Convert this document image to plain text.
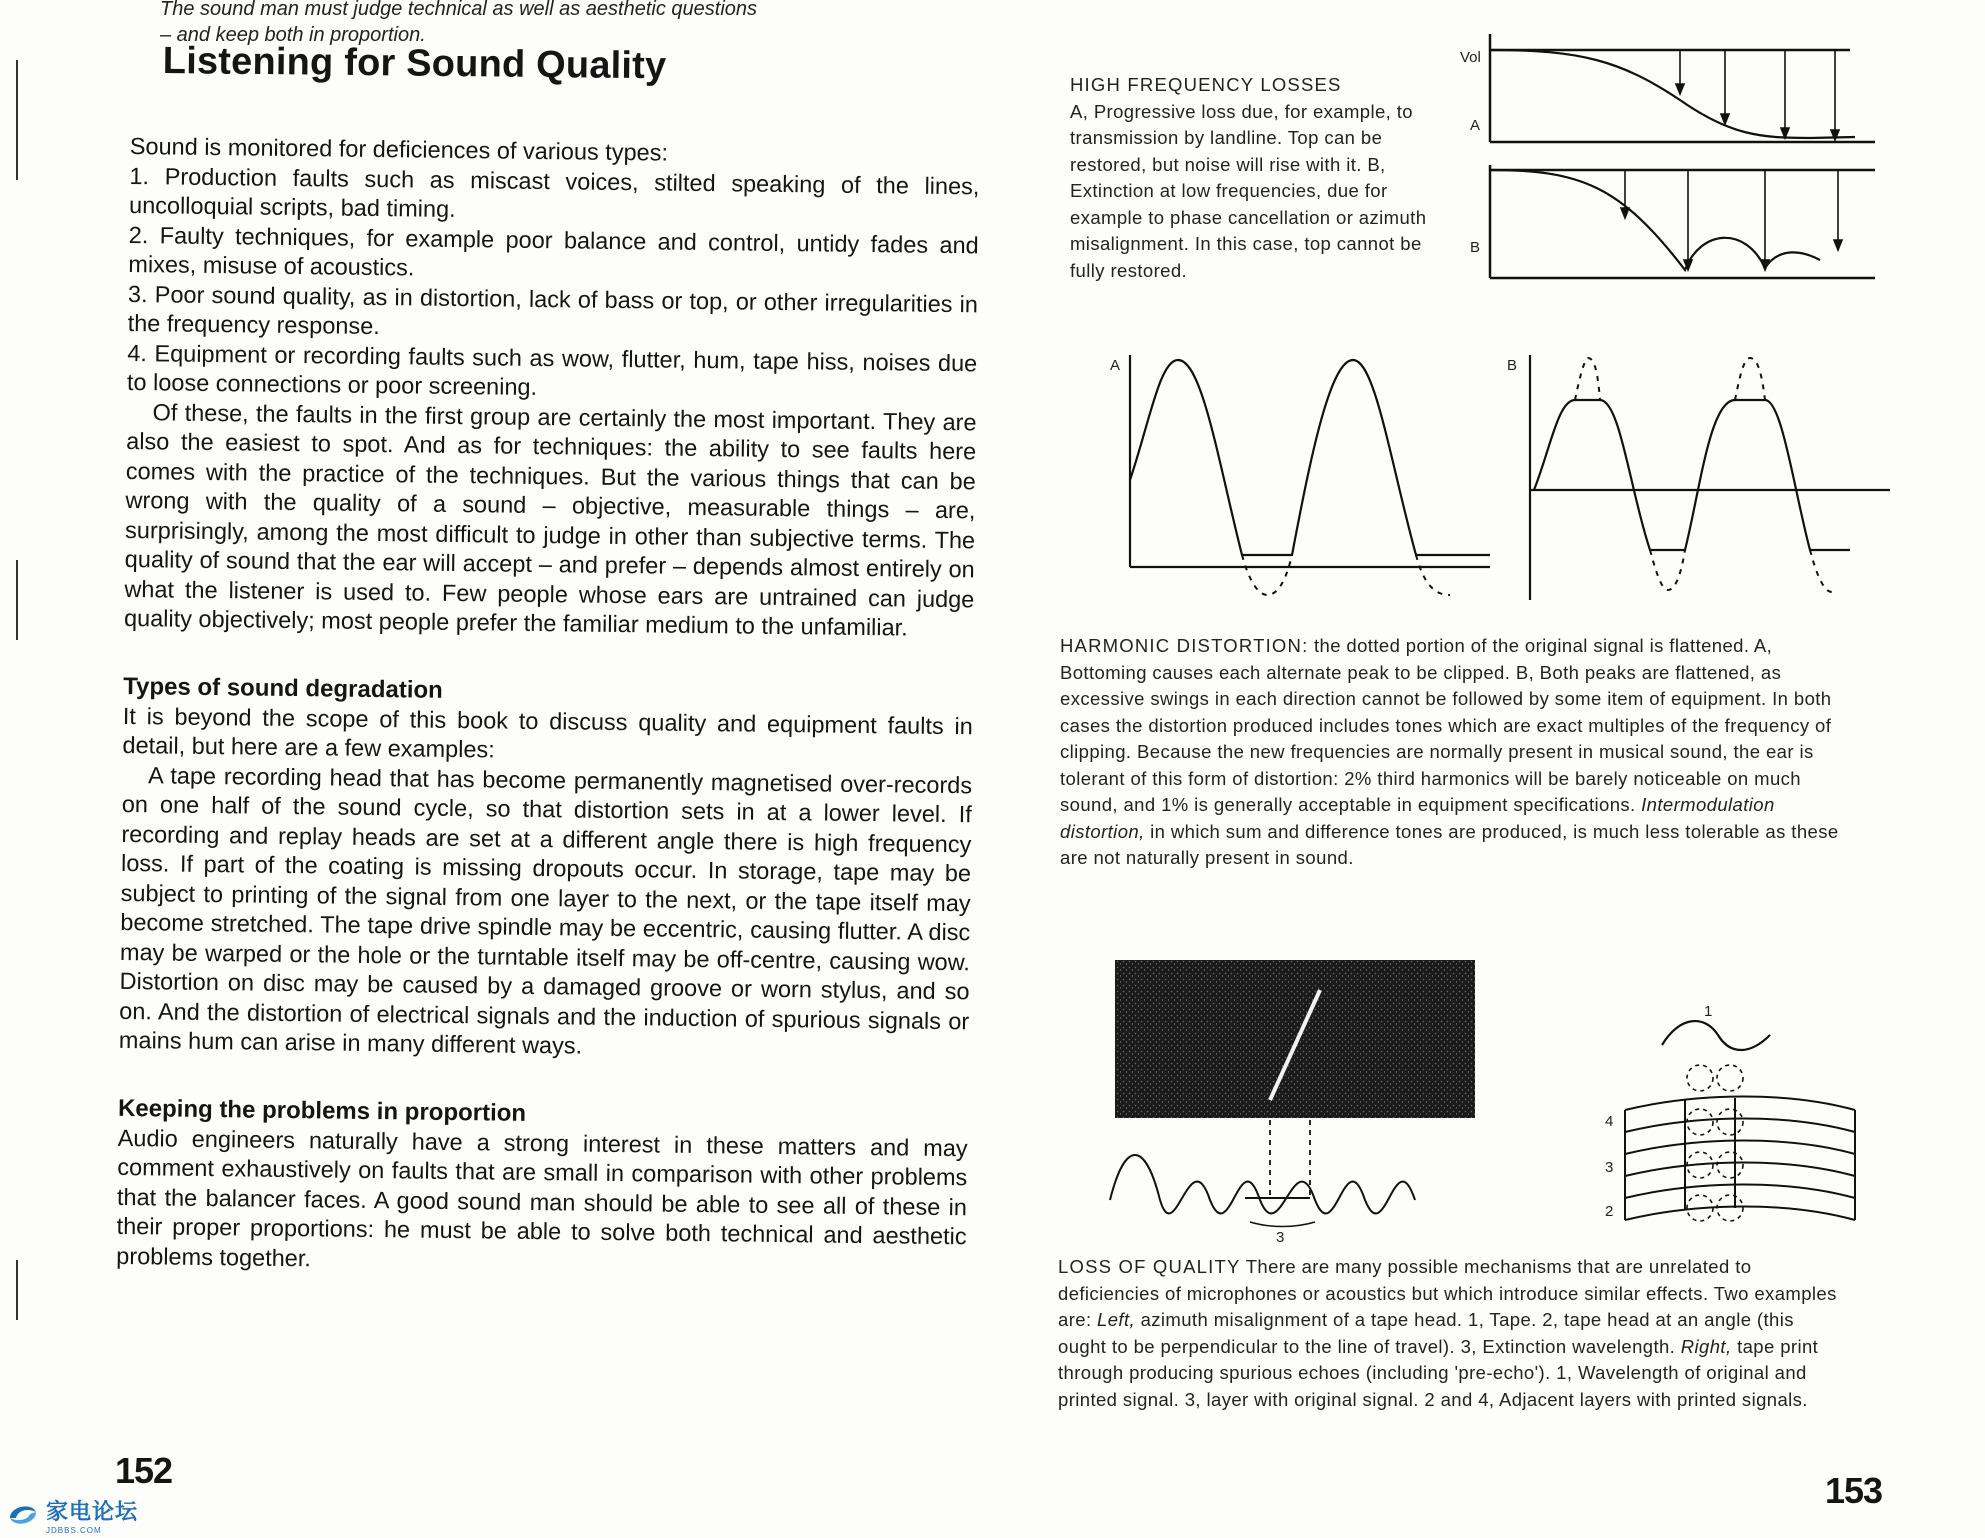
The sound man must judge technical as well as aesthetic questions
– and keep both in proportion.
Listening for Sound Quality

Sound is monitored for deficiences of various types:

1. Production faults such as miscast voices, stilted speaking of the lines, uncolloquial scripts, bad timing.

2. Faulty techniques, for example poor balance and control, untidy fades and mixes, misuse of acoustics.

3. Poor sound quality, as in distortion, lack of bass or top, or other irregularities in the frequency response.

4. Equipment or recording faults such as wow, flutter, hum, tape hiss, noises due to loose connections or poor screening.

Of these, the faults in the first group are certainly the most important. They are also the easiest to spot. And as for techniques: the ability to see faults here comes with the practice of the techniques. But the various things that can be wrong with the quality of a sound – objective, measurable things – are, surprisingly, among the most difficult to judge in other than subjective terms. The quality of sound that the ear will accept – and prefer – depends almost entirely on what the listener is used to. Few people whose ears are untrained can judge quality objectively; most people prefer the familiar medium to the unfamiliar.

Types of sound degradation

It is beyond the scope of this book to discuss quality and equipment faults in detail, but here are a few examples:

A tape recording head that has become permanently magnetised over-records on one half of the sound cycle, so that distortion sets in at a lower level. If recording and replay heads are set at a different angle there is high frequency loss. If part of the coating is missing dropouts occur. In storage, tape may be subject to printing of the signal from one layer to the next, or the tape itself may become stretched. The tape drive spindle may be eccentric, causing flutter. A disc may be warped or the hole or the turntable itself may be off-centre, causing wow. Distortion on disc may be caused by a damaged groove or worn stylus, and so on. And the distortion of electrical signals and the induction of spurious signals or mains hum can arise in many different ways.

Keeping the problems in proportion

Audio engineers naturally have a strong interest in these matters and may comment exhaustively on faults that are small in comparison with other problems that the balancer faces. A good sound man should be able to see all of these in their proper proportions: he must be able to solve both technical and aesthetic problems together.

152
家电论坛
JDBBS.COM
HIGH FREQUENCY LOSSES
A, Progressive loss due, for example, to transmission by landline. Top can be restored, but noise will rise with it. B, Extinction at low frequencies, due for example to phase cancellation or azimuth misalignment. In this case, top cannot be fully restored.
Vol
A
B
A	B
HARMONIC DISTORTION: the dotted portion of the original signal is flattened. A, Bottoming causes each alternate peak to be clipped. B, Both peaks are flattened, as excessive swings in each direction cannot be followed by some item of equipment. In both cases the distortion produced includes tones which are exact multiples of the frequency of clipping. Because the new frequencies are normally present in musical sound, the ear is tolerant of this form of distortion: 2% third harmonics will be barely noticeable on much sound, and 1% is generally acceptable in equipment specifications. Intermodulation distortion, in which sum and difference tones are produced, is much less tolerable as these are not naturally present in sound.
3
1
4
3
2
LOSS OF QUALITY There are many possible mechanisms that are unrelated to deficiencies of microphones or acoustics but which introduce similar effects. Two examples are: Left, azimuth misalignment of a tape head. 1, Tape. 2, tape head at an angle (this ought to be perpendicular to the line of travel). 3, Extinction wavelength. Right, tape print through producing spurious echoes (including 'pre-echo'). 1, Wavelength of original and printed signal. 3, layer with original signal. 2 and 4, Adjacent layers with printed signals.
153
